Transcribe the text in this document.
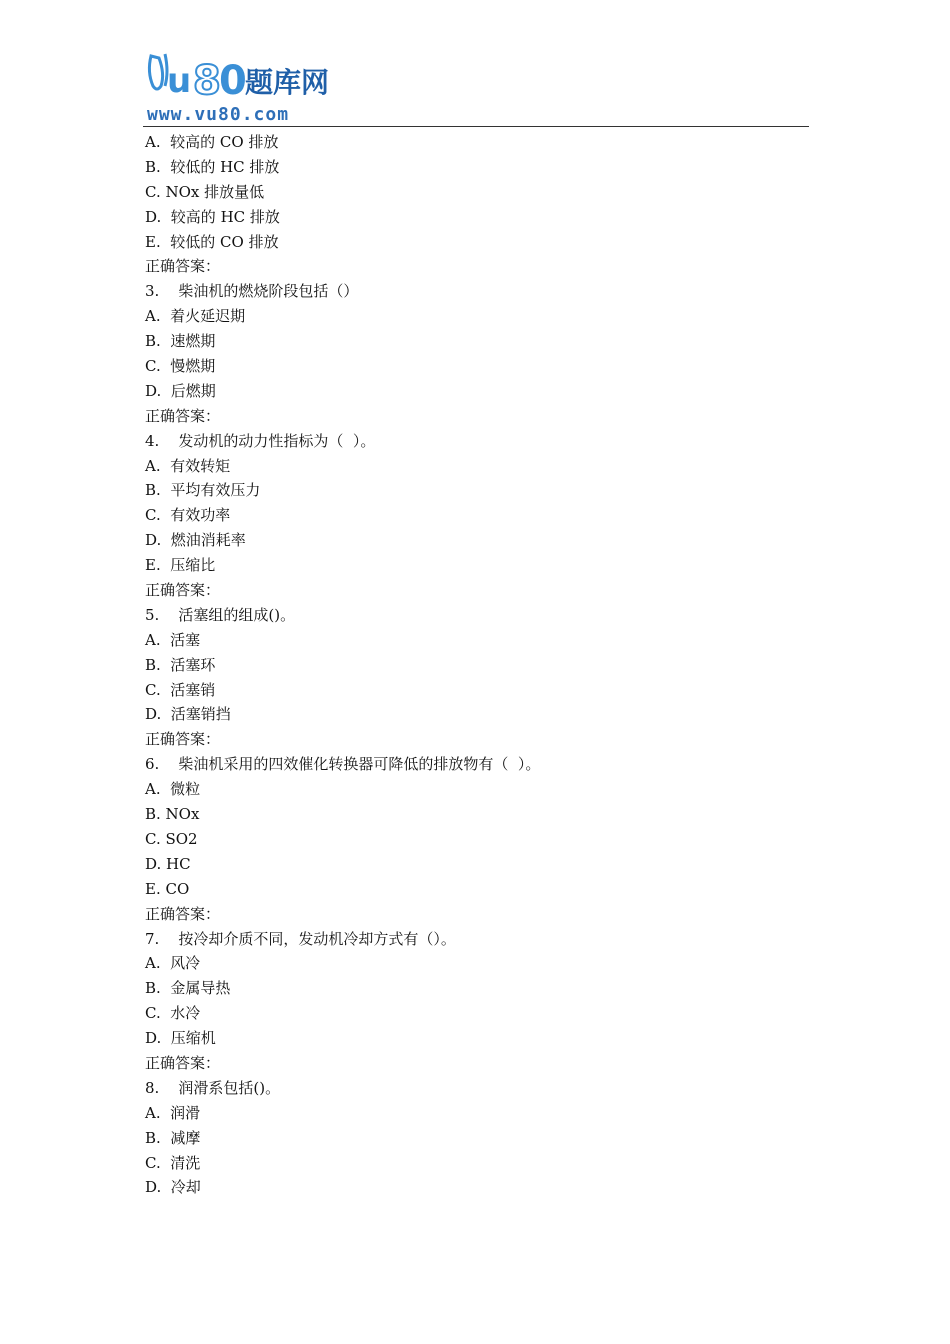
u 8
0
题库网
www.vu80.com
A.  较高的 CO 排放
B.  较低的 HC 排放
C. NOx 排放量低
D.  较高的 HC 排放
E.  较低的 CO 排放
正确答案：
3.    柴油机的燃烧阶段包括（）
A.  着火延迟期
B.  速燃期
C.  慢燃期
D.  后燃期
正确答案：
4.    发动机的动力性指标为（  ）。
A.  有效转矩
B.  平均有效压力
C.  有效功率
D.  燃油消耗率
E.  压缩比
正确答案：
5.    活塞组的组成()。
A.  活塞
B.  活塞环
C.  活塞销
D.  活塞销挡
正确答案：
6.    柴油机采用的四效催化转换器可降低的排放物有（  ）。
A.  微粒
B. NOx
C. SO2
D. HC
E. CO
正确答案：
7.    按冷却介质不同，发动机冷却方式有（）。
A.  风冷
B.  金属导热
C.  水冷
D.  压缩机
正确答案：
8.    润滑系包括()。
A.  润滑
B.  减摩
C.  清洗
D.  冷却
